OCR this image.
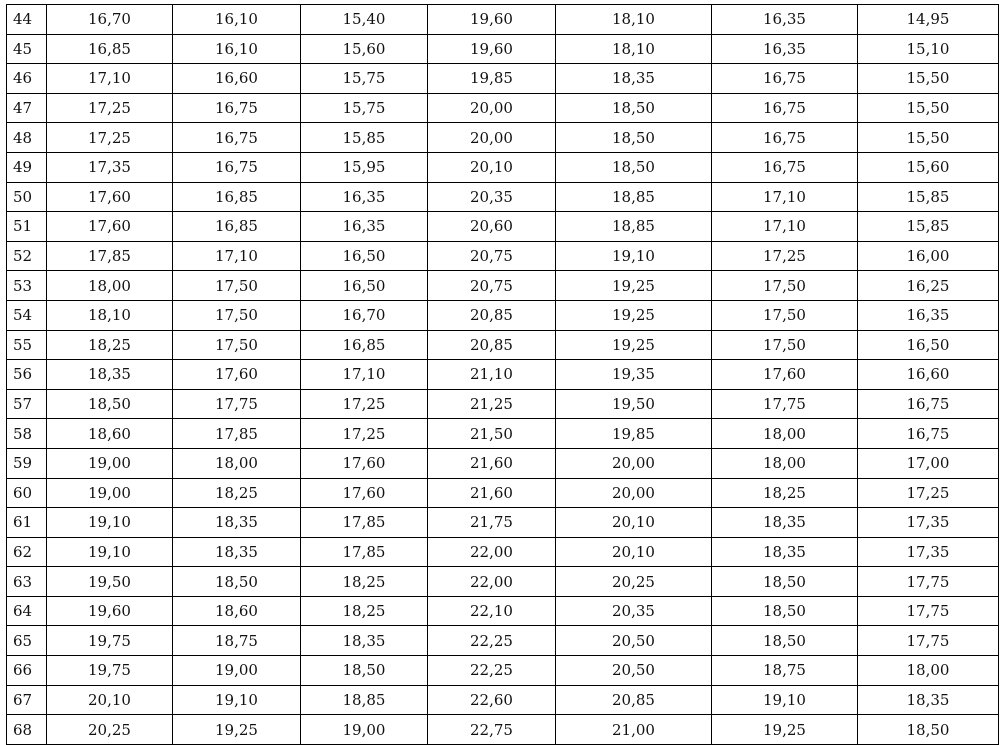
44	16,70	16,10	15,40	19,60	18,10	16,35	14,95
45	16,85	16,10	15,60	19,60	18,10	16,35	15,10
46	17,10	16,60	15,75	19,85	18,35	16,75	15,50
47	17,25	16,75	15,75	20,00	18,50	16,75	15,50
48	17,25	16,75	15,85	20,00	18,50	16,75	15,50
49	17,35	16,75	15,95	20,10	18,50	16,75	15,60
50	17,60	16,85	16,35	20,35	18,85	17,10	15,85
51	17,60	16,85	16,35	20,60	18,85	17,10	15,85
52	17,85	17,10	16,50	20,75	19,10	17,25	16,00
53	18,00	17,50	16,50	20,75	19,25	17,50	16,25
54	18,10	17,50	16,70	20,85	19,25	17,50	16,35
55	18,25	17,50	16,85	20,85	19,25	17,50	16,50
56	18,35	17,60	17,10	21,10	19,35	17,60	16,60
57	18,50	17,75	17,25	21,25	19,50	17,75	16,75
58	18,60	17,85	17,25	21,50	19,85	18,00	16,75
59	19,00	18,00	17,60	21,60	20,00	18,00	17,00
60	19,00	18,25	17,60	21,60	20,00	18,25	17,25
61	19,10	18,35	17,85	21,75	20,10	18,35	17,35
62	19,10	18,35	17,85	22,00	20,10	18,35	17,35
63	19,50	18,50	18,25	22,00	20,25	18,50	17,75
64	19,60	18,60	18,25	22,10	20,35	18,50	17,75
65	19,75	18,75	18,35	22,25	20,50	18,50	17,75
66	19,75	19,00	18,50	22,25	20,50	18,75	18,00
67	20,10	19,10	18,85	22,60	20,85	19,10	18,35
68	20,25	19,25	19,00	22,75	21,00	19,25	18,50
